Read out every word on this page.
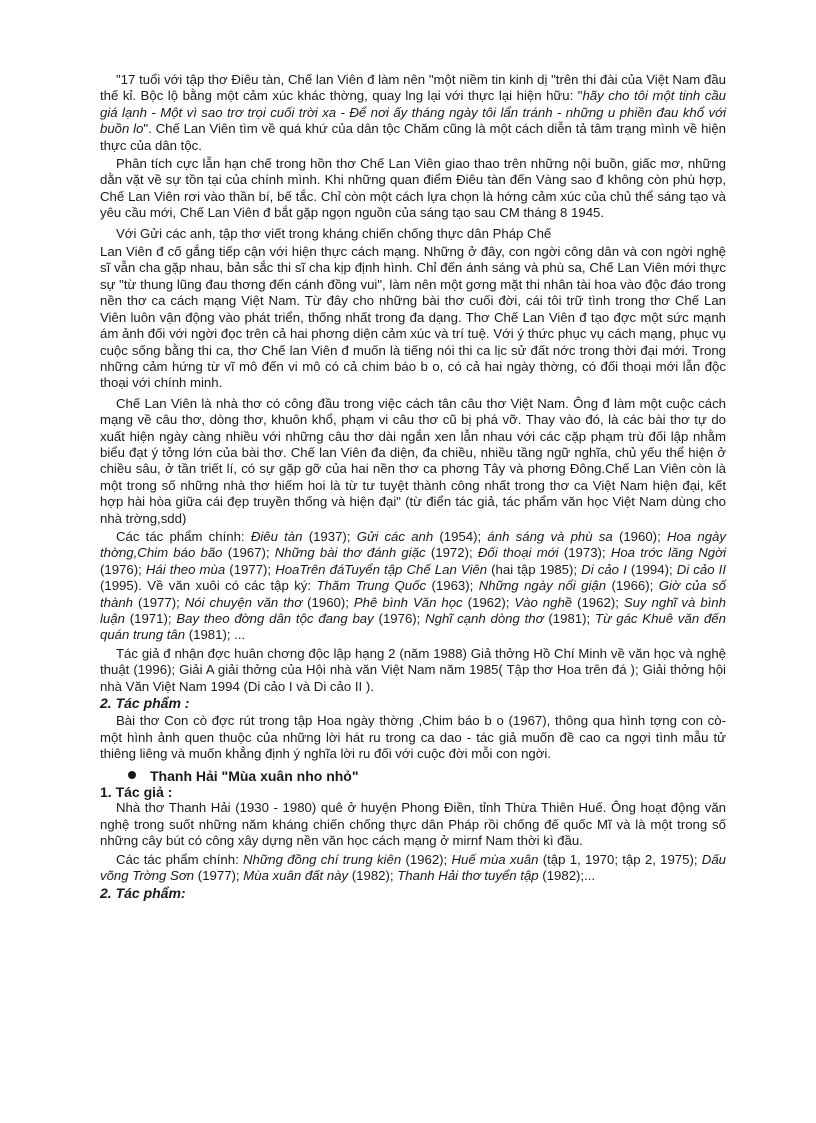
"17 tuổi với tập thơ Điêu tàn, Chế lan Viên đ làm nên "một niềm tin kinh dị "trên thi đài của Việt Nam đầu thế kỉ. Bộc lộ bằng một cảm xúc khác thờng, quay lng lại với thực lại hiện hữu: "hãy cho tôi một tinh cầu giá lạnh - Một vì sao trơ trọi cuối trời xa - Để nơi ấy tháng ngày tôi lẩn tránh - những u phiền đau khổ với buồn lo". Chế Lan Viên tìm về quá khứ của dân tộc Chăm cũng là một cách diễn tả tâm trạng mình về hiện thực của dân tộc.

Phân tích cực lẫn hạn chế trong hồn thơ Chế Lan Viên giao thao trên những nội buồn, giấc mơ, những dằn vặt về sự tồn tại của chính mình. Khi những quan điểm Điêu tàn đến Vàng sao đ không còn phù hợp, Chế Lan Viên rơi vào thần bí, bế tắc. Chỉ còn một cách lựa chọn là hớng cảm xúc của chủ thể sáng tạo và yêu cầu mới, Chế Lan Viên đ bắt gặp ngọn nguồn của sáng tạo sau CM tháng 8 1945.

Với Gửi các anh, tập thơ viết trong kháng chiến chống thực dân Pháp Chế

Lan Viên đ cố gắng tiếp cận với hiện thực cách mạng. Những ở đây, con ngời công dân và con ngời nghệ sĩ vẫn cha gặp nhau, bản sắc thi sĩ cha kịp định hình. Chỉ đến ánh sáng và phù sa, Chế Lan Viên mới thực sự "từ thung lũng đau thơng đến cánh đồng vui", làm nên một gơng mặt thi nhân tài hoa vào độc đáo trong nền thơ ca cách mạng Việt Nam. Từ đây cho những bài thơ cuối đời, cái tôi trữ tình trong thơ Chế Lan Viên luôn vận động vào phát triển, thống nhất trong đa dạng. Thơ Chế Lan Viên đ tạo đợc một sức mạnh ám ảnh đối với ngời đọc trên cả hai phơng diện cảm xúc và trí tuệ. Với ý thức phục vụ cách mạng, phục vụ cuộc sống bằng thi ca, thơ Chế lan Viên đ muốn là tiếng nói thi ca lịc sử đất nớc trong thời đại mới. Trong những cảm hứng từ vĩ mô đến vi mô có cả chim báo b o, có cả hai ngày thờng, có đối thoại mới lẫn độc thoại với chính minh.

Chế Lan Viên là nhà thơ có công đầu trong việc cách tân câu thơ Việt Nam. Ông đ làm một cuộc cách mạng về câu thơ, dòng thơ, khuôn khổ, phạm vi câu thơ cũ bị phá vỡ. Thay vào đó, là các bài thơ tự do xuất hiện ngày càng nhiều với những câu thơ dài ngắn xen lẫn nhau với các cặp phạm trù đối lập nhằm biểu đạt ý tởng lớn của bài thơ. Chế lan Viên đa diện, đa chiều, nhiều tầng ngữ nghĩa, chủ yếu thể hiện ở chiều sâu, ở tần triết lí, có sự gặp gỡ của hai nền thơ ca phơng Tây và phơng Đông.Chế Lan Viên còn là một trong số những nhà thơ hiếm hoi là từ tư tuyệt thành công nhất trong thơ ca Việt Nam hiện đại, kết hợp hài hòa giữa cái đẹp truyền thống và hiện đại" (từ điển tác giả, tác phẩm văn học Việt Nam dùng cho nhà trờng,sdd)

Các tác phẩm chính: Điêu tàn (1937); Gửi các anh (1954); ánh sáng và phù sa (1960); Hoa ngày thờng,Chim báo bão (1967); Những bài thơ đánh giặc (1972); Đối thoại mới (1973); Hoa trớc lăng Ngời (1976); Hái theo mùa (1977); HoaTrên đáTuyển tập Chế Lan Viên (hai tập 1985); Di cảo I (1994); Di cảo II (1995). Về văn xuôi có các tập ký: Thăm Trung Quốc (1963); Những ngày nổi giận (1966); Giờ của số thành (1977); Nói chuyện văn thơ (1960); Phê bình Văn học (1962); Vào nghề (1962); Suy nghĩ và bình luận (1971); Bay theo đờng dân tộc đang bay (1976); Nghĩ cạnh dòng thơ (1981); Từ gác Khuê văn đến quán trung tân (1981); ...

Tác giả đ nhận đợc huân chơng độc lập hạng 2 (năm 1988) Giả thởng Hồ Chí Minh về văn học và nghệ thuật (1996); Giải A giải thởng của Hội nhà văn Việt Nam năm 1985( Tập thơ Hoa trên đá ); Giải thởng hội nhà Văn Việt Nam 1994 (Di cảo I và Di cảo II ).

2. Tác phẩm :

Bài thơ Con cò đợc rút trong tập Hoa ngày thờng ,Chim báo b o (1967), thông qua hình tợng con cò- một hình ảnh quen thuộc của những lời hát ru trong ca dao - tác giả muốn đề cao ca ngợi tình mẫu tử thiêng liêng và muốn khẳng định ý nghĩa lời ru đối với cuộc đời mỗi con ngời.

Thanh Hải "Mùa xuân nho nhỏ"

1. Tác giả :

Nhà thơ Thanh Hải (1930 - 1980) quê ở huyện Phong Điền, tỉnh Thừa Thiên Huế. Ông hoạt động văn nghệ trong suốt những năm kháng chiến chống thực dân Pháp rồi chống đế quốc Mĩ và là một trong số những cây bút có công xây dựng nền văn học cách mạng ở mirnf Nam thời kì đầu.

Các tác phẩm chính: Những đồng chí trung kiên (1962); Huế mùa xuân (tập 1, 1970; tập 2, 1975); Dấu võng Trờng Sơn (1977); Mùa xuân đất này (1982); Thanh Hải thơ tuyển tập (1982);...

2. Tác phẩm:
